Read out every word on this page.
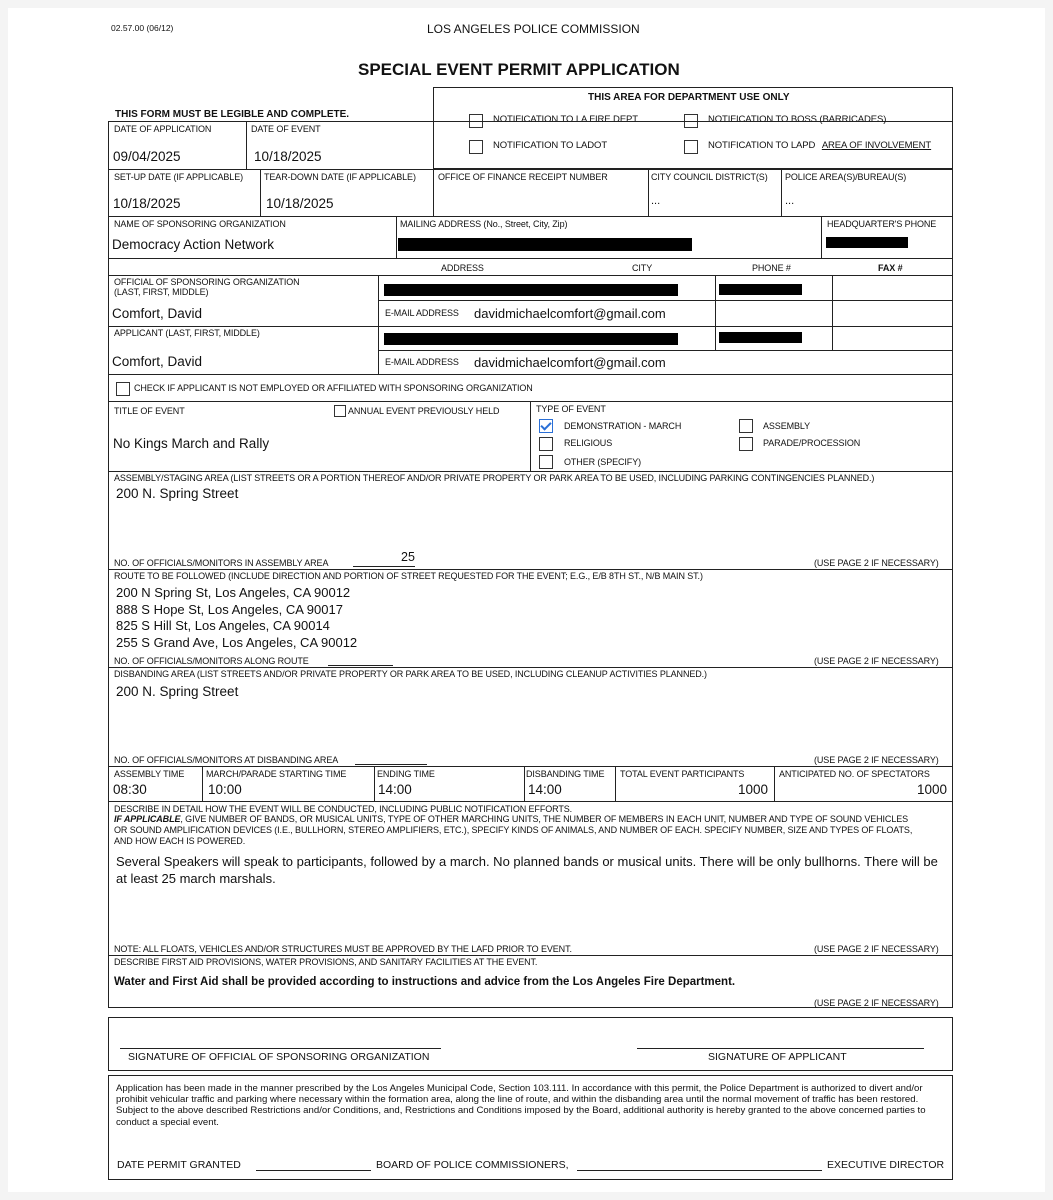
02.57.00 (06/12)	LOS ANGELES POLICE COMMISSION
SPECIAL EVENT PERMIT APPLICATION
THIS AREA FOR DEPARTMENT USE ONLY
NOTIFICATION TO LA FIRE DEPT.
NOTIFICATION TO LADOT
NOTIFICATION TO BOSS (BARRICADES)
NOTIFICATION TO LAPD AREA OF INVOLVEMENT
THIS FORM MUST BE LEGIBLE AND COMPLETE.
DATE OF APPLICATION
09/04/2025
DATE OF EVENT
10/18/2025
SET-UP DATE (IF APPLICABLE)
10/18/2025
TEAR-DOWN DATE (IF APPLICABLE)
10/18/2025
OFFICE OF FINANCE RECEIPT NUMBER	CITY COUNCIL DISTRICT(S)
...
POLICE AREA(S)/BUREAU(S)
...
NAME OF SPONSORING ORGANIZATION
Democracy Action Network
MAILING ADDRESS (No., Street, City, Zip)	HEADQUARTER'S PHONE
ADDRESS	CITY	PHONE #	FAX #
OFFICIAL OF SPONSORING ORGANIZATION
(LAST, FIRST, MIDDLE)
Comfort, David	E-MAIL ADDRESS davidmichaelcomfort@gmail.com
APPLICANT (LAST, FIRST, MIDDLE)
Comfort, David	E-MAIL ADDRESS davidmichaelcomfort@gmail.com
CHECK IF APPLICANT IS NOT EMPLOYED OR AFFILIATED WITH SPONSORING ORGANIZATION
TITLE OF EVENT	ANNUAL EVENT PREVIOUSLY HELD
No Kings March and Rally
TYPE OF EVENT
DEMONSTRATION - MARCH
RELIGIOUS
OTHER (SPECIFY)
ASSEMBLY
PARADE/PROCESSION
ASSEMBLY/STAGING AREA (LIST STREETS OR A PORTION THEREOF AND/OR PRIVATE PROPERTY OR PARK AREA TO BE USED, INCLUDING PARKING CONTINGENCIES PLANNED.)
200 N. Spring Street
NO. OF OFFICIALS/MONITORS IN ASSEMBLY AREA	25	(USE PAGE 2 IF NECESSARY)
ROUTE TO BE FOLLOWED (INCLUDE DIRECTION AND PORTION OF STREET REQUESTED FOR THE EVENT; E.G., E/B 8TH ST., N/B MAIN ST.)
200 N Spring St, Los Angeles, CA 90012
888 S Hope St, Los Angeles, CA 90017
825 S Hill St, Los Angeles, CA 90014
255 S Grand Ave, Los Angeles, CA 90012
NO. OF OFFICIALS/MONITORS ALONG ROUTE	(USE PAGE 2 IF NECESSARY)
DISBANDING AREA (LIST STREETS AND/OR PRIVATE PROPERTY OR PARK AREA TO BE USED, INCLUDING CLEANUP ACTIVITIES PLANNED.)
200 N. Spring Street
NO. OF OFFICIALS/MONITORS AT DISBANDING AREA	(USE PAGE 2 IF NECESSARY)
ASSEMBLY TIME
08:30
MARCH/PARADE STARTING TIME
10:00
ENDING TIME
14:00
DISBANDING TIME
14:00
TOTAL EVENT PARTICIPANTS
1000
ANTICIPATED NO. OF SPECTATORS
1000
DESCRIBE IN DETAIL HOW THE EVENT WILL BE CONDUCTED, INCLUDING PUBLIC NOTIFICATION EFFORTS.
IF APPLICABLE, GIVE NUMBER OF BANDS, OR MUSICAL UNITS, TYPE OF OTHER MARCHING UNITS, THE NUMBER OF MEMBERS IN EACH UNIT, NUMBER AND TYPE OF SOUND VEHICLES OR SOUND AMPLIFICATION DEVICES (I.E., BULLHORN, STEREO AMPLIFIERS, ETC.), SPECIFY KINDS OF ANIMALS, AND NUMBER OF EACH. SPECIFY NUMBER, SIZE AND TYPES OF FLOATS, AND HOW EACH IS POWERED.
Several Speakers will speak to participants, followed by a march. No planned bands or musical units. There will be only bullhorns. There will be at least 25 march marshals.
NOTE: ALL FLOATS, VEHICLES AND/OR STRUCTURES MUST BE APPROVED BY THE LAFD PRIOR TO EVENT.	(USE PAGE 2 IF NECESSARY)
DESCRIBE FIRST AID PROVISIONS, WATER PROVISIONS, AND SANITARY FACILITIES AT THE EVENT.
Water and First Aid shall be provided according to instructions and advice from the Los Angeles Fire Department.
(USE PAGE 2 IF NECESSARY)
SIGNATURE OF OFFICIAL OF SPONSORING ORGANIZATION	SIGNATURE OF APPLICANT
Application has been made in the manner prescribed by the Los Angeles Municipal Code, Section 103.111. In accordance with this permit, the Police Department is authorized to divert and/or prohibit vehicular traffic and parking where necessary within the formation area, along the line of route, and within the disbanding area until the normal movement of traffic has been restored. Subject to the above described Restrictions and/or Conditions, and, Restrictions and Conditions imposed by the Board, additional authority is hereby granted to the above concerned parties to conduct a special event.
DATE PERMIT GRANTED	BOARD OF POLICE COMMISSIONERS,	EXECUTIVE DIRECTOR
